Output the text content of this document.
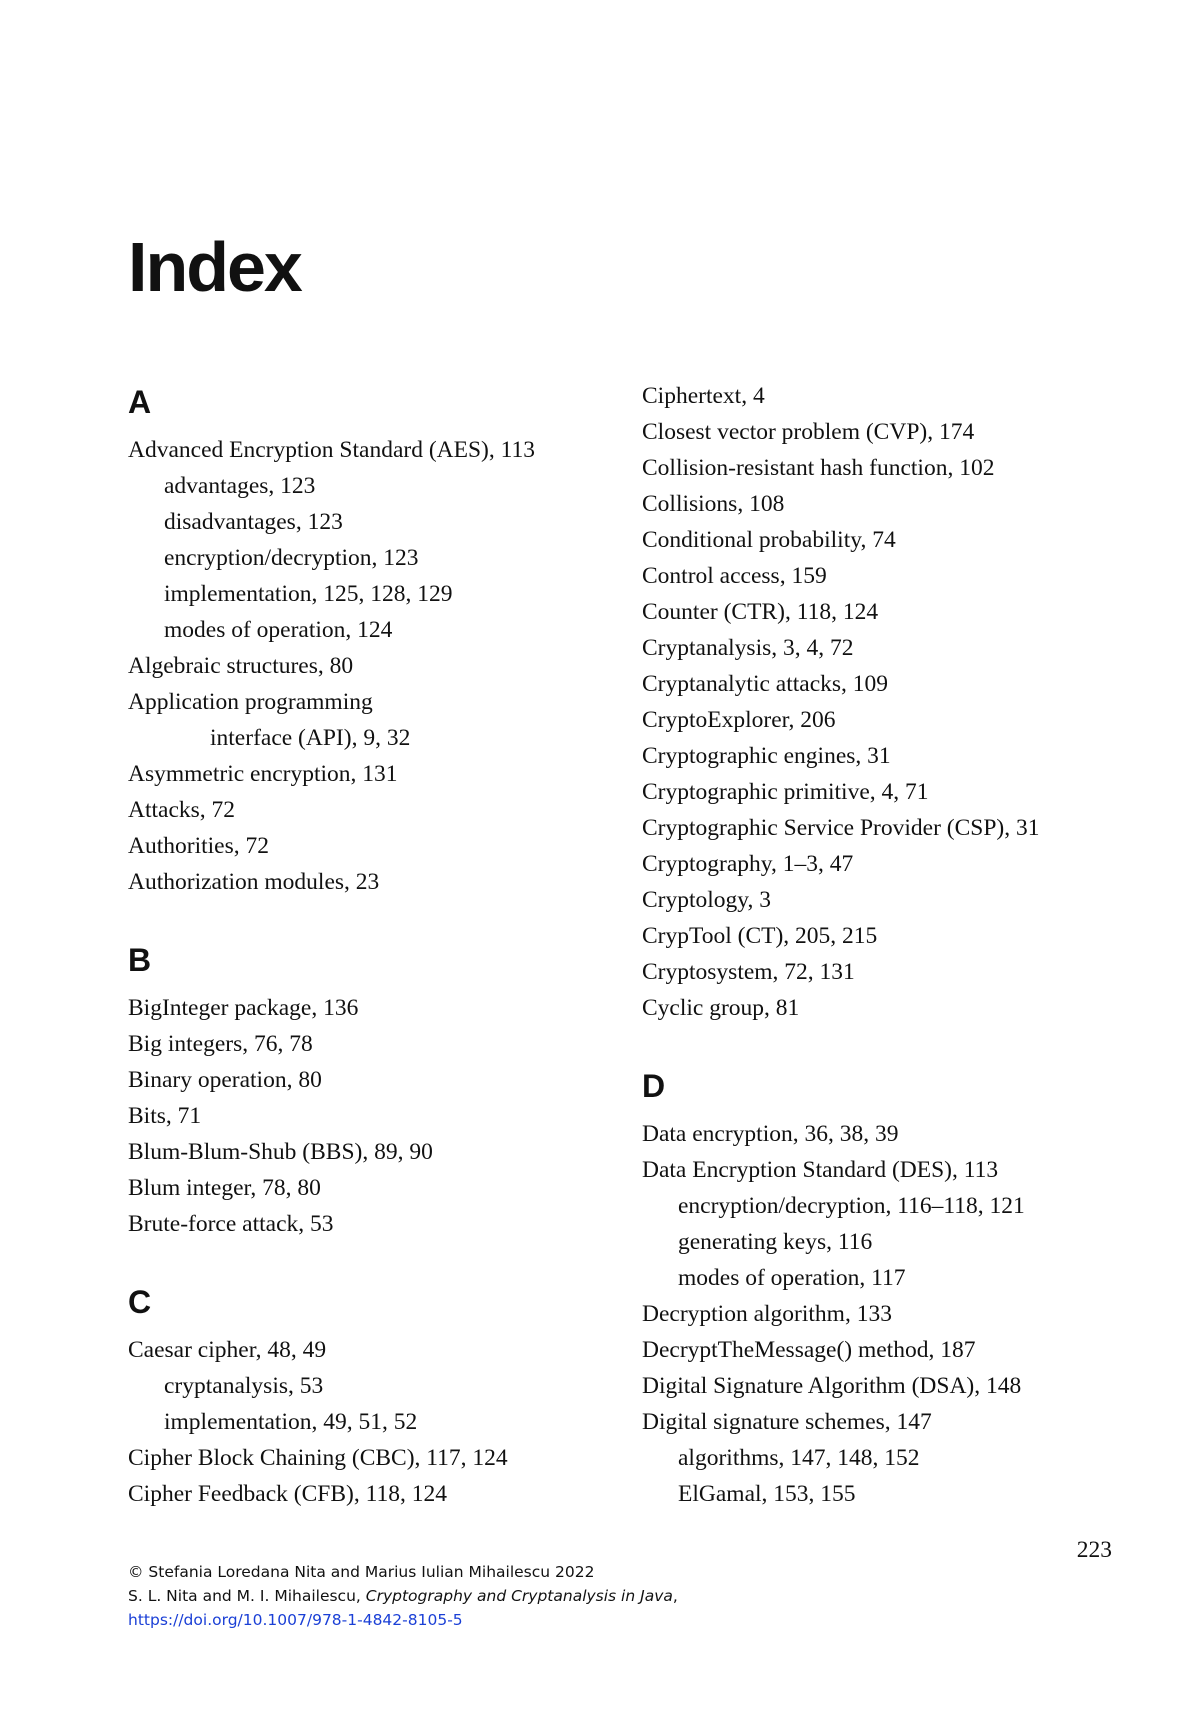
Index
A
Advanced Encryption Standard (AES), 113
advantages, 123
disadvantages, 123
encryption/decryption, 123
implementation, 125, 128, 129
modes of operation, 124
Algebraic structures, 80
Application programming
interface (API), 9, 32
Asymmetric encryption, 131
Attacks, 72
Authorities, 72
Authorization modules, 23
B
BigInteger package, 136
Big integers, 76, 78
Binary operation, 80
Bits, 71
Blum-Blum-Shub (BBS), 89, 90
Blum integer, 78, 80
Brute-force attack, 53
C
Caesar cipher, 48, 49
cryptanalysis, 53
implementation, 49, 51, 52
Cipher Block Chaining (CBC), 117, 124
Cipher Feedback (CFB), 118, 124
Ciphertext, 4
Closest vector problem (CVP), 174
Collision-resistant hash function, 102
Collisions, 108
Conditional probability, 74
Control access, 159
Counter (CTR), 118, 124
Cryptanalysis, 3, 4, 72
Cryptanalytic attacks, 109
CryptoExplorer, 206
Cryptographic engines, 31
Cryptographic primitive, 4, 71
Cryptographic Service Provider (CSP), 31
Cryptography, 1–3, 47
Cryptology, 3
CrypTool (CT), 205, 215
Cryptosystem, 72, 131
Cyclic group, 81
D
Data encryption, 36, 38, 39
Data Encryption Standard (DES), 113
encryption/decryption, 116–118, 121
generating keys, 116
modes of operation, 117
Decryption algorithm, 133
DecryptTheMessage() method, 187
Digital Signature Algorithm (DSA), 148
Digital signature schemes, 147
algorithms, 147, 148, 152
ElGamal, 153, 155
223
© Stefania Loredana Nita and Marius Iulian Mihailescu 2022
S. L. Nita and M. I. Mihailescu, Cryptography and Cryptanalysis in Java,
https://doi.org/10.1007/978-1-4842-8105-5
